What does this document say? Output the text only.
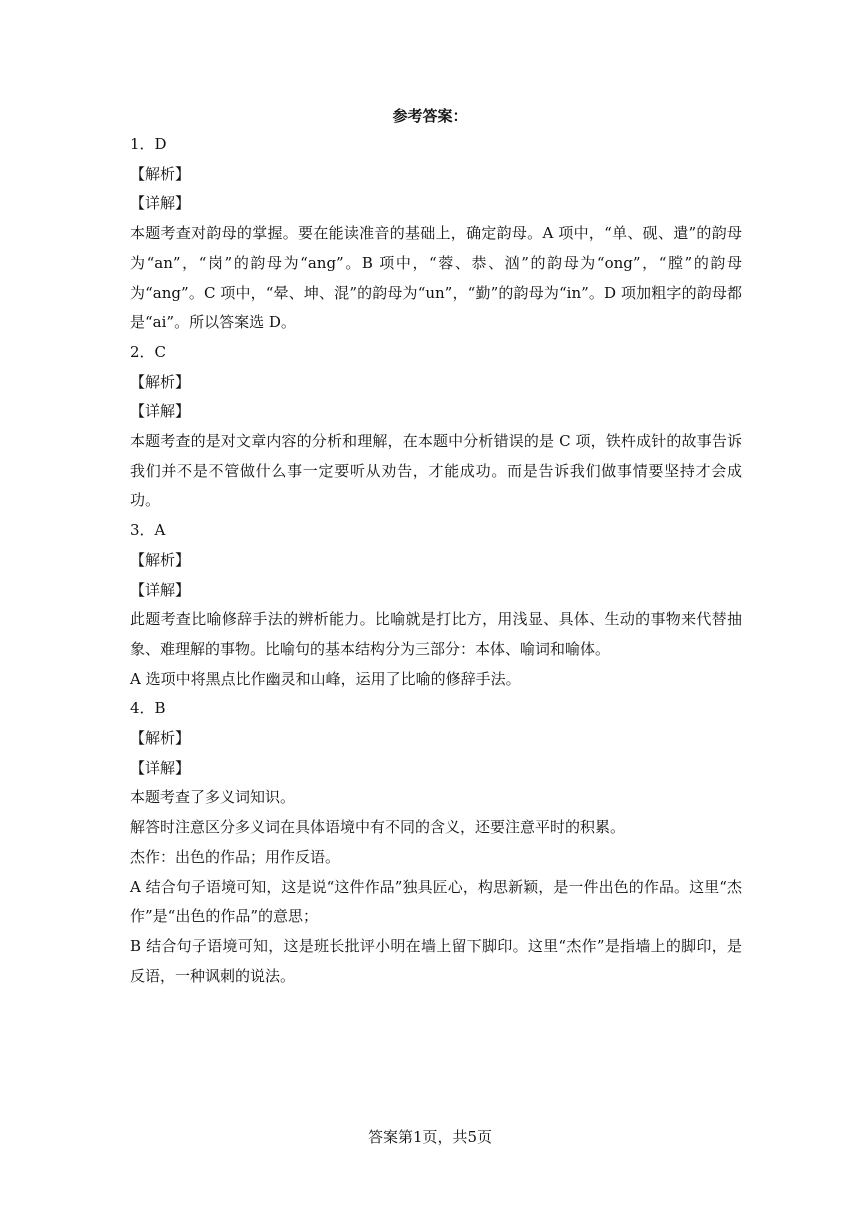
参考答案：
1．D
【解析】
【详解】
本题考查对韵母的掌握。要在能读准音的基础上，确定韵母。A 项中，“单、砚、遣”的韵母为“an”，“岗”的韵母为“ang”。B 项中，“蓉、恭、汹”的韵母为“ong”，“膛”的韵母为“ang”。C 项中，“晕、坤、混”的韵母为“un”，“勤”的韵母为“in”。D 项加粗字的韵母都是“ai”。所以答案选 D。
2．C
【解析】
【详解】
本题考查的是对文章内容的分析和理解，在本题中分析错误的是 C 项，铁杵成针的故事告诉我们并不是不管做什么事一定要听从劝告，才能成功。而是告诉我们做事情要坚持才会成功。
3．A
【解析】
【详解】
此题考查比喻修辞手法的辨析能力。比喻就是打比方，用浅显、具体、生动的事物来代替抽象、难理解的事物。比喻句的基本结构分为三部分：本体、喻词和喻体。
A 选项中将黑点比作幽灵和山峰，运用了比喻的修辞手法。
4．B
【解析】
【详解】
本题考查了多义词知识。
解答时注意区分多义词在具体语境中有不同的含义，还要注意平时的积累。
杰作：出色的作品；用作反语。
A 结合句子语境可知，这是说“这件作品”独具匠心，构思新颖，是一件出色的作品。这里“杰作”是“出色的作品”的意思；
B 结合句子语境可知，这是班长批评小明在墙上留下脚印。这里“杰作”是指墙上的脚印，是反语，一种讽刺的说法。
答案第1页，共5页
